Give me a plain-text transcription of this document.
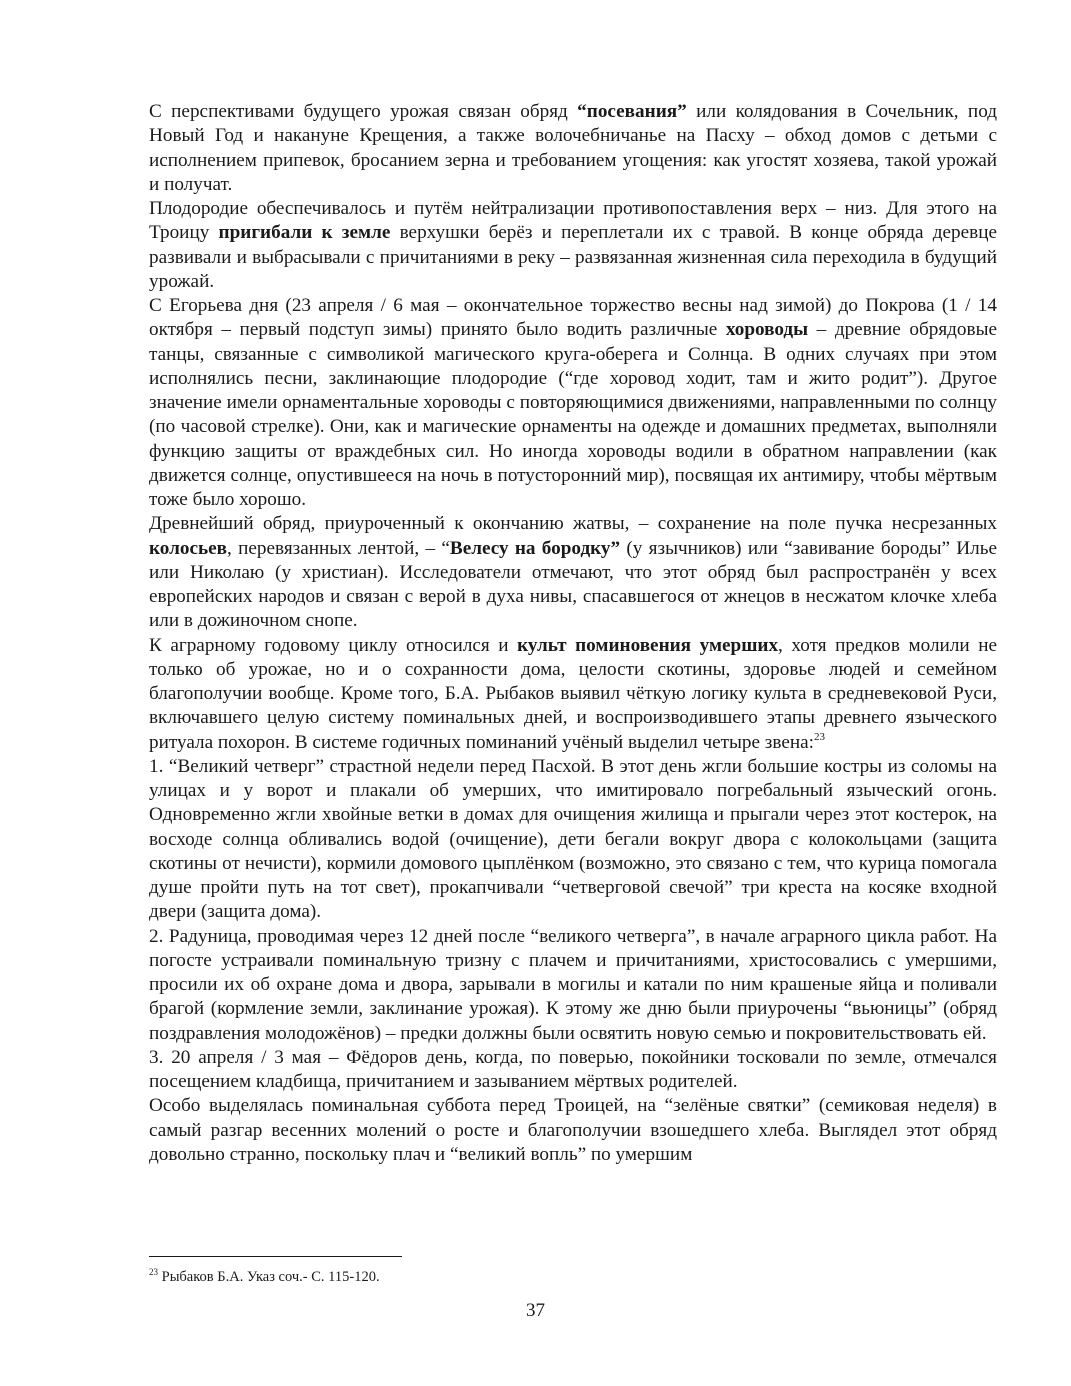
С перспективами будущего урожая связан обряд “посевания” или колядования в Сочельник, под Новый Год и накануне Крещения, а также волочебничанье на Пасху – обход домов с детьми с исполнением припевок, бросанием зерна и требованием угощения: как угостят хозяева, такой урожай и получат.

Плодородие обеспечивалось и путём нейтрализации противопоставления верх – низ. Для этого на Троицу пригибали к земле верхушки берёз и переплетали их с травой. В конце обряда деревце развивали и выбрасывали с причитаниями в реку – развязанная жизненная сила переходила в будущий урожай.

С Егорьева дня (23 апреля / 6 мая – окончательное торжество весны над зимой) до Покрова (1 / 14 октября – первый подступ зимы) принято было водить различные хороводы – древние обрядовые танцы, связанные с символикой магического круга-оберега и Солнца. В одних случаях при этом исполнялись песни, заклинающие плодородие (“где хоровод ходит, там и жито родит”). Другое значение имели орнаментальные хороводы с повторяющимися движениями, направленными по солнцу (по часовой стрелке). Они, как и магические орнаменты на одежде и домашних предметах, выполняли функцию защиты от враждебных сил. Но иногда хороводы водили в обратном направлении (как движется солнце, опустившееся на ночь в потусторонний мир), посвящая их антимиру, чтобы мёртвым тоже было хорошо.

Древнейший обряд, приуроченный к окончанию жатвы, – сохранение на поле пучка несрезанных колосьев, перевязанных лентой, – “Велесу на бородку” (у язычников) или “завивание бороды” Илье или Николаю (у христиан). Исследователи отмечают, что этот обряд был распространён у всех европейских народов и связан с верой в духа нивы, спасавшегося от жнецов в несжатом клочке хлеба или в дожиночном снопе.

К аграрному годовому циклу относился и культ поминовения умерших, хотя предков молили не только об урожае, но и о сохранности дома, целости скотины, здоровье людей и семейном благополучии вообще. Кроме того, Б.А. Рыбаков выявил чёткую логику культа в средневековой Руси, включавшего целую систему поминальных дней, и воспроизводившего этапы древнего языческого ритуала похорон. В системе годичных поминаний учёный выделил четыре звена:$^{23}$

1. “Великий четверг” страстной недели перед Пасхой. В этот день жгли большие костры из соломы на улицах и у ворот и плакали об умерших, что имитировало погребальный языческий огонь. Одновременно жгли хвойные ветки в домах для очищения жилища и прыгали через этот костерок, на восходе солнца обливались водой (очищение), дети бегали вокруг двора с колокольцами (защита скотины от нечисти), кормили домового цыплёнком (возможно, это связано с тем, что курица помогала душе пройти путь на тот свет), прокапчивали “четверговой свечой” три креста на косяке входной двери (защита дома).

2. Радуница, проводимая через 12 дней после “великого четверга”, в начале аграрного цикла работ. На погосте устраивали поминальную тризну с плачем и причитаниями, христосовались с умершими, просили их об охране дома и двора, зарывали в могилы и катали по ним крашеные яйца и поливали брагой (кормление земли, заклинание урожая). К этому же дню были приурочены “вьюницы” (обряд поздравления молодожёнов) – предки должны были освятить новую семью и покровительствовать ей.

3. 20 апреля / 3 мая – Фёдоров день, когда, по поверью, покойники тосковали по земле, отмечался посещением кладбища, причитанием и зазыванием мёртвых родителей.

Особо выделялась поминальная суббота перед Троицей, на “зелёные святки” (семиковая неделя) в самый разгар весенних молений о росте и благополучии взошедшего хлеба. Выглядел этот обряд довольно странно, поскольку плач и “великий вопль” по умершим

$^{23}$ Рыбаков Б.А. Указ соч.- С. 115-120.
37
